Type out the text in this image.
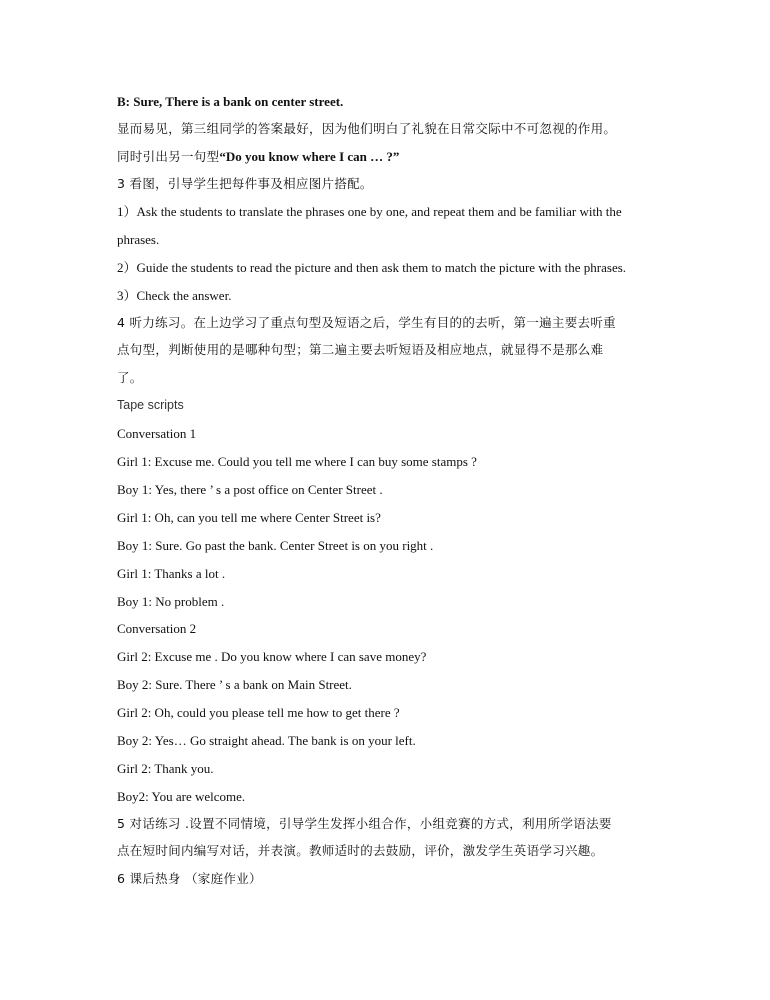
B: Sure, There is a bank on center street.
显而易见，第三组同学的答案最好，因为他们明白了礼貌在日常交际中不可忽视的作用。
同时引出另一句型“Do you know where I can … ?”
3 看图，引导学生把每件事及相应图片搭配。
1）Ask the students to translate the phrases one by one, and repeat them and be familiar with the
phrases.
2）Guide the students to read the picture and then ask them to match the picture with the phrases.
3）Check the answer.
4 听力练习。在上边学习了重点句型及短语之后，学生有目的的去听，第一遍主要去听重
点句型，判断使用的是哪种句型；第二遍主要去听短语及相应地点，就显得不是那么难
了。
Tape scripts
Conversation 1
Girl 1: Excuse me. Could you tell me where I can buy some stamps ?
Boy 1: Yes, there ’ s a post office on Center Street .
Girl 1: Oh, can you tell me where Center Street is?
Boy 1: Sure. Go past the bank. Center Street is on you right .
Girl 1: Thanks a lot .
Boy 1: No problem .
Conversation 2
Girl 2: Excuse me . Do you know where I can save money?
Boy 2: Sure. There ’ s a bank on Main Street.
Girl 2: Oh, could you please tell me how to get there ?
Boy 2: Yes… Go straight ahead. The bank is on your left.
Girl 2: Thank you.
Boy2: You are welcome.
5 对话练习 .设置不同情境，引导学生发挥小组合作，小组竞赛的方式，利用所学语法要
点在短时间内编写对话，并表演。教师适时的去鼓励，评价，激发学生英语学习兴趣。
6 课后热身 （家庭作业）
